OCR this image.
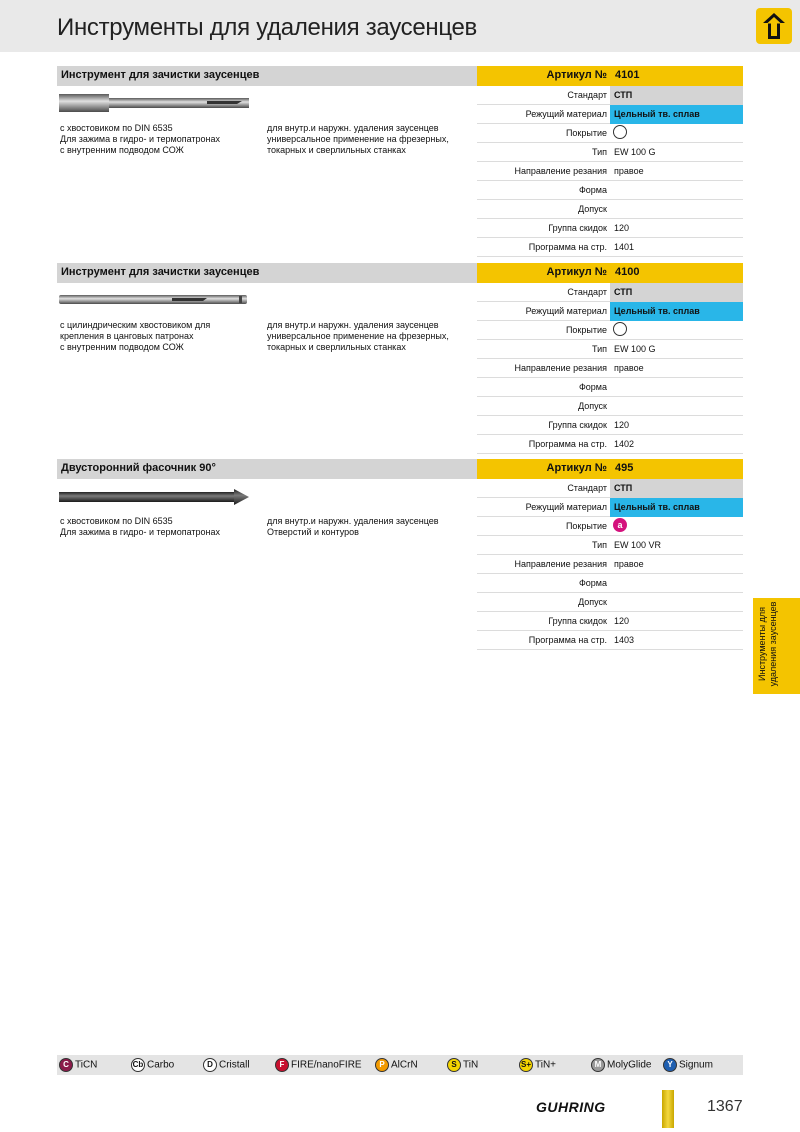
Инструменты для удаления заусенцев
Инструмент для зачистки заусенцев	Артикул № 4101
с хвостовиком по DIN 6535
Для зажима в гидро- и термопатронах
с внутренним подводом СОЖ
для внутр.и наружн. удаления заусенцев
универсальное применение на фрезерных,
токарных и сверлильных станках
Стандарт СТП
Режущий материал Цельный тв. сплав
Покрытие
Тип EW 100 G
Направление резания правое
Форма
Допуск
Группа скидок 120
Программа на стр. 1401
Инструмент для зачистки заусенцев	Артикул № 4100
с цилиндрическим хвостовиком для
крепления в цанговых патронах
с внутренним подводом СОЖ
для внутр.и наружн. удаления заусенцев
универсальное применение на фрезерных,
токарных и сверлильных станках
Стандарт СТП
Режущий материал Цельный тв. сплав
Покрытие
Тип EW 100 G
Направление резания правое
Форма
Допуск
Группа скидок 120
Программа на стр. 1402
Двусторонний фасочник 90°	Артикул № 495
с хвостовиком по DIN 6535
Для зажима в гидро- и термопатронах
для внутр.и наружн. удаления заусенцев
Отверстий и контуров
Стандарт СТП
Режущий материал Цельный тв. сплав
Покрытие	a
Тип EW 100 VR
Направление резания правое
Форма
Допуск
Группа скидок 120
Программа на стр. 1403	Инструменты для удаления заусенцев
C TiCN	Cb Carbo	D Cristall	F FIRE/nanoFIRE	P AlCrN	S TiN	S+ TiN+	M MolyGlide	Y Signum
GUHRING	1367
